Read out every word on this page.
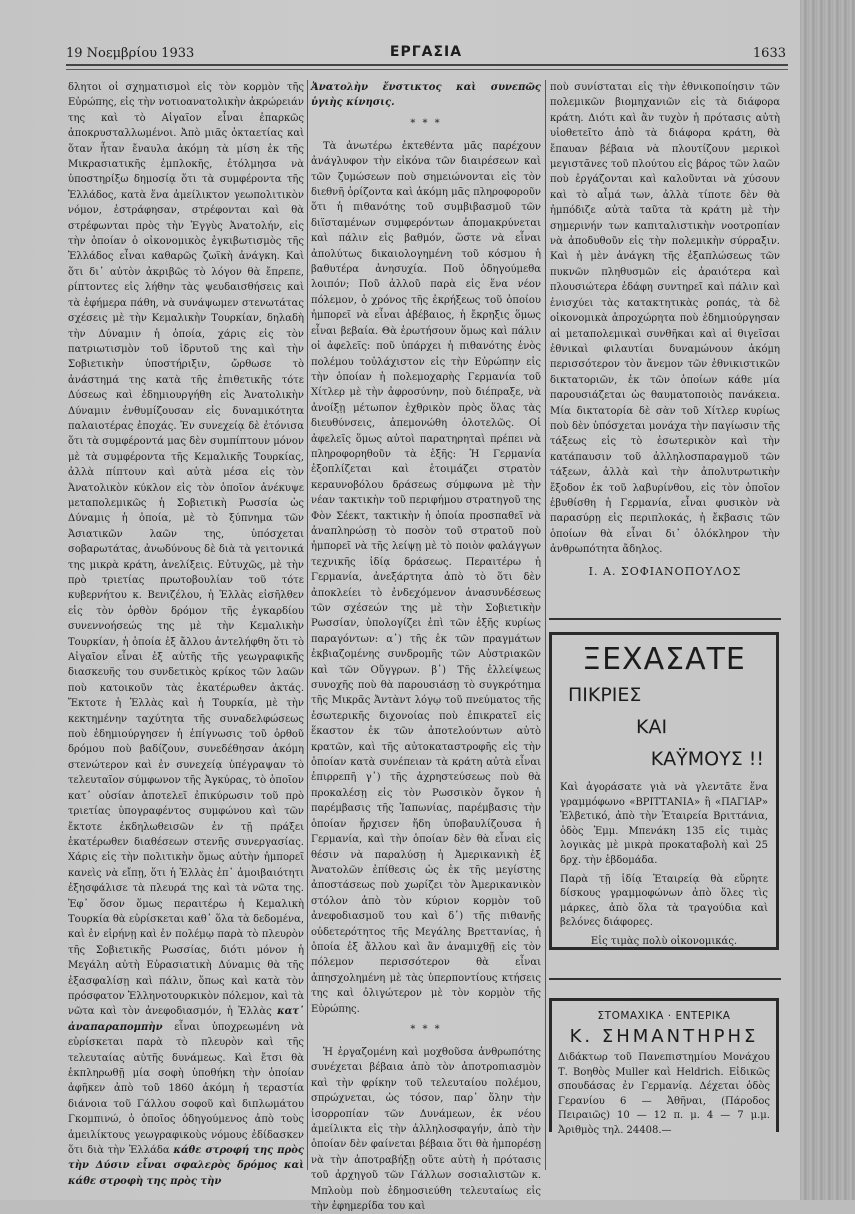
19 Νοεμβρίου 1933	ΕΡΓΑΣΙΑ	1633

δλητοι οἱ σχηματισμοὶ εἰς τὸν κορμὸν τῆς Εὐρώπης, εἰς τὴν νοτιοανατολικὴν ἀκρώρειάν της καὶ τὸ Αἰγαῖον εἶναι ἐπαρκῶς ἀποκρυσταλλωμένοι. Ἀπὸ μιᾶς ὀκταετίας καὶ ὅταν ἦταν ἔναυλα ἀκόμη τὰ μίση ἐκ τῆς Μικρασιατικῆς ἐμπλοκῆς, ἐτόλμησα νὰ ὑποστηρίξω δημοσίᾳ ὅτι τὰ συμφέροντα τῆς Ἑλλάδος, κατὰ ἕνα ἀμείλικτον γεωπολιτικὸν νόμον, ἐστράφησαν, στρέφονται καὶ θὰ στρέφωνται πρὸς τὴν Ἐγγὺς Ἀνατολήν, εἰς τὴν ὁποίαν ὁ οἰκονομικὸς ἐγκιβωτισμὸς τῆς Ἑλλάδος εἶναι καθαρῶς ζωϊκὴ ἀνάγκη. Καὶ ὅτι δι᾽ αὐτὸν ἀκριβῶς τὸ λόγον θὰ ἔπρεπε, ρίπτοντες εἰς λήθην τὰς ψευδαισθήσεις καὶ τὰ ἐφήμερα πάθη, νὰ συνάψωμεν στενωτάτας σχέσεις μὲ τὴν Κεμαλικὴν Τουρκίαν, δηλαδὴ τὴν Δύναμιν ἡ ὁποία, χάρις εἰς τὸν πατριωτισμὸν τοῦ ἱδρυτοῦ της καὶ τὴν Σοβιετικὴν ὑποστήριξιν, ὤρθωσε τὸ ἀνάστημά της κατὰ τῆς ἐπιθετικῆς τότε Δύσεως καὶ ἐδημιουργήθη εἰς Ἀνατολικὴν Δύναμιν ἐνθυμίζουσαν εἰς δυναμικότητα παλαιοτέρας ἐποχάς. Ἐν συνεχείᾳ δὲ ἐτόνισα ὅτι τὰ συμφέροντά μας δὲν συμπίπτουν μόνον μὲ τὰ συμφέροντα τῆς Κεμαλικῆς Τουρκίας, ἀλλὰ πίπτουν καὶ αὐτὰ μέσα εἰς τὸν Ἀνατολικὸν κύκλον εἰς τὸν ὁποῖον ἀνέκυψε μεταπολεμικῶς ἡ Σοβιετικὴ Ρωσσία ὡς Δύναμις ἡ ὁποία, μὲ τὸ ξύπνημα τῶν Ἀσιατικῶν λαῶν της, ὑπόσχεται σοβαρωτάτας, ἀνωδύνους δὲ διὰ τὰ γειτονικά της μικρὰ κράτη, ἀνελίξεις. Εὐτυχῶς, μὲ τὴν πρὸ τριετίας πρωτοβουλίαν τοῦ τότε κυβερνήτου κ. Βενιζέλου, ἡ Ἑλλὰς εἰσῆλθεν εἰς τὸν ὀρθὸν δρόμον τῆς ἐγκαρδίου συνεννοήσεώς της μὲ τὴν Κεμαλικὴν Τουρκίαν, ἡ ὁποία ἐξ ἄλλου ἀντελήφθη ὅτι τὸ Αἰγαῖον εἶναι ἐξ αὐτῆς τῆς γεωγραφικῆς διασκευῆς του συνδετικὸς κρίκος τῶν λαῶν ποὺ κατοικοῦν τὰς ἑκατέρωθεν ἀκτάς. Ἔκτοτε ἡ Ἑλλὰς καὶ ἡ Τουρκία, μὲ τὴν κεκτημένην ταχύτητα τῆς συναδελφώσεως ποὺ ἐδημιούργησεν ἡ ἐπίγνωσις τοῦ ὀρθοῦ δρόμου ποὺ βαδίζουν, συνεδέθησαν ἀκόμη στενώτερον καὶ ἐν συνεχείᾳ ὑπέγραψαν τὸ τελευταῖον σύμφωνον τῆς Ἀγκύρας, τὸ ὁποῖον κατ᾽ οὐσίαν ἀποτελεῖ ἐπικύρωσιν τοῦ πρὸ τριετίας ὑπογραφέντος συμφώνου καὶ τῶν ἔκτοτε ἐκδηλωθεισῶν ἐν τῇ πράξει ἑκατέρωθεν διαθέσεων στενῆς συνεργασίας. Χάρις εἰς τὴν πολιτικὴν ὅμως αὐτὴν ἠμπορεῖ κανεὶς νὰ εἴπῃ, ὅτι ἡ Ἑλλὰς ἐπ᾽ ἀμοιβαιότητι ἐξησφάλισε τὰ πλευρά της καὶ τὰ νῶτα της. Ἐφ᾽ ὅσον ὅμως περαιτέρω ἡ Κεμαλικὴ Τουρκία θὰ εὑρίσκεται καθ᾽ ὅλα τὰ δεδομένα, καὶ ἐν εἰρήνῃ καὶ ἐν πολέμῳ παρὰ τὸ πλευρὸν τῆς Σοβιετικῆς Ρωσσίας, διότι μόνον ἡ Μεγάλη αὐτὴ Εὐρασιατικὴ Δύναμις θὰ τῆς ἐξασφαλίσῃ καὶ πάλιν, ὅπως καὶ κατὰ τὸν πρόσφατον Ἑλληνοτουρκικὸν πόλεμον, καὶ τὰ νῶτα καὶ τὸν ἀνεφοδιασμόν, ἡ Ἑλλὰς κατ᾽ ἀναπαραπομπὴν εἶναι ὑποχρεωμένη νὰ εὑρίσκεται παρὰ τὸ πλευρὸν καὶ τῆς τελευταίας αὐτῆς δυνάμεως. Καὶ ἔτσι θὰ ἐκπληρωθῇ μία σοφὴ ὑποθήκη τὴν ὁποίαν ἀφῆκεν ἀπὸ τοῦ 1860 ἀκόμη ἡ τεραστία διάνοια τοῦ Γάλλου σοφοῦ καὶ διπλωμάτου Γκομπινώ, ὁ ὁποῖος ὁδηγούμενος ἀπὸ τοὺς ἀμειλίκτους γεωγραφικοὺς νόμους ἐδίδασκεν ὅτι διὰ τὴν Ἑλλάδα κάθε στροφή της πρὸς τὴν Δύσιν εἶναι σφαλερὸς δρόμος καὶ κάθε στροφὴ της πρὸς τὴν

Ἀνατολὴν ἔνστικτος καὶ συνεπῶς ὑγιὴς κίνησις.

* * *

Τὰ ἀνωτέρω ἐκτεθέντα μᾶς παρέχουν ἀνάγλυφον τὴν εἰκόνα τῶν διαιρέσεων καὶ τῶν ζυμώσεων ποὺ σημειώνονται εἰς τὸν διεθνῆ ὁρίζοντα καὶ ἀκόμη μᾶς πληροφοροῦν ὅτι ἡ πιθανότης τοῦ συμβιβασμοῦ τῶν διϊσταμένων συμφερόντων ἀπομακρύνεται καὶ πάλιν εἰς βαθμόν, ὥστε νὰ εἶναι ἀπολύτως δικαιολογημένη τοῦ κόσμου ἡ βαθυτέρα ἀνησυχία. Ποῦ ὁδηγούμεθα λοιπόν; Ποῦ ἀλλοῦ παρὰ εἰς ἕνα νέον πόλεμον, ὁ χρόνος τῆς ἐκρήξεως τοῦ ὁποίου ἠμπορεῖ νὰ εἶναι ἀβέβαιος, ἡ ἔκρηξις ὅμως εἶναι βεβαία. Θὰ ἐρωτήσουν ὅμως καὶ πάλιν οἱ ἀφελεῖς: ποῦ ὑπάρχει ἡ πιθανότης ἑνὸς πολέμου τοὐλάχιστον εἰς τὴν Εὐρώπην εἰς τὴν ὁποίαν ἡ πολεμοχαρὴς Γερμανία τοῦ Χίτλερ μὲ τὴν ἀφροσύνην, ποὺ διέπραξε, νὰ ἀνοίξῃ μέτωπον ἐχθρικὸν πρὸς ὅλας τὰς διευθύνσεις, ἀπεμονώθη ὁλοτελῶς. Οἱ ἀφελεῖς ὅμως αὐτοὶ παρατηρηταὶ πρέπει νὰ πληροφορηθοῦν τὰ ἑξῆς: Ἡ Γερμανία ἐξοπλίζεται καὶ ἑτοιμάζει στρατὸν κεραυνοβόλου δράσεως σύμφωνα μὲ τὴν νέαν τακτικὴν τοῦ περιφήμου στρατηγοῦ της Φὸν Σέεκτ, τακτικὴν ἡ ὁποία προσπαθεῖ νὰ ἀναπληρώσῃ τὸ ποσὸν τοῦ στρατοῦ ποὺ ἠμπορεῖ νὰ τῆς λείψῃ μὲ τὸ ποιὸν φαλάγγων τεχνικῆς ἰδίᾳ δράσεως. Περαιτέρω ἡ Γερμανία, ἀνεξάρτητα ἀπὸ τὸ ὅτι δὲν ἀποκλείει τὸ ἐνδεχόμενον ἀνασυνδέσεως τῶν σχέσεών της μὲ τὴν Σοβιετικὴν Ρωσσίαν, ὑπολογίζει ἐπὶ τῶν ἑξῆς κυρίως παραγόντων: α᾽) τῆς ἐκ τῶν πραγμάτων ἐκβιαζομένης συνδρομῆς τῶν Αὐστριακῶν καὶ τῶν Οὔγγρων. β᾽) Τῆς ἐλλείψεως συνοχῆς ποὺ θὰ παρουσιάσῃ τὸ συγκρότημα τῆς Μικρᾶς Ἀντὰντ λόγῳ τοῦ πνεύματος τῆς ἐσωτερικῆς διχονοίας ποὺ ἐπικρατεῖ εἰς ἕκαστον ἐκ τῶν ἀποτελούντων αὐτὸ κρατῶν, καὶ τῆς αὐτοκαταστροφῆς εἰς τὴν ὁποίαν κατὰ συνέπειαν τὰ κράτη αὐτὰ εἶναι ἐπιρρεπῆ γ᾽) τῆς ἀχρηστεύσεως ποὺ θὰ προκαλέσῃ εἰς τὸν Ρωσσικὸν ὄγκον ἡ παρέμβασις τῆς Ἰαπωνίας, παρέμβασις τὴν ὁποίαν ἤρχισεν ἤδη ὑποβαυλίζουσα ἡ Γερμανία, καὶ τὴν ὁποίαν δὲν θὰ εἶναι εἰς θέσιν νὰ παραλύσῃ ἡ Ἀμερικανικὴ ἐξ Ἀνατολῶν ἐπίθεσις ὡς ἐκ τῆς μεγίστης ἀποστάσεως ποὺ χωρίζει τὸν Ἀμερικανικὸν στόλον ἀπὸ τὸν κύριον κορμὸν τοῦ ἀνεφοδιασμοῦ του καὶ δ᾽) τῆς πιθανῆς οὐδετερότητος τῆς Μεγάλης Βρεττανίας, ἡ ὁποία ἐξ ἄλλου καὶ ἂν ἀναμιχθῇ εἰς τὸν πόλεμον περισσότερον θὰ εἶναι ἀπησχολημένη μὲ τὰς ὑπερποντίους κτήσεις της καὶ ὀλιγώτερον μὲ τὸν κορμὸν τῆς Εὐρώπης.

* * *

Ἡ ἐργαζομένη καὶ μοχθοῦσα ἀνθρωπότης συνέχεται βέβαια ἀπὸ τὸν ἀποτροπιασμὸν καὶ τὴν φρίκην τοῦ τελευταίου πολέμου, σπρώχνεται, ὡς τόσον, παρ᾽ ὅλην τὴν ἰσορροπίαν τῶν Δυνάμεων, ἐκ νέου ἀμείλικτα εἰς τὴν ἀλληλοσφαγήν, ἀπὸ τὴν ὁποίαν δὲν φαίνεται βέβαια ὅτι θὰ ἠμπορέσῃ νὰ τὴν ἀποτραβήξῃ οὔτε αὐτὴ ἡ πρότασις τοῦ ἀρχηγοῦ τῶν Γάλλων σοσιαλιστῶν κ. Μπλοὺμ ποὺ ἐδημοσιεύθη τελευταίως εἰς τὴν ἐφημερίδα του καὶ

ποὺ συνίσταται εἰς τὴν ἐθνικοποίησιν τῶν πολεμικῶν βιομηχανιῶν εἰς τὰ διάφορα κράτη. Διότι καὶ ἂν τυχὸν ἡ πρότασις αὐτὴ υἱοθετεῖτο ἀπὸ τὰ διάφορα κράτη, θὰ ἔπαυαν βέβαια νὰ πλουτίζουν μερικοὶ μεγιστᾶνες τοῦ πλούτου εἰς βάρος τῶν λαῶν ποὺ ἐργάζονται καὶ καλοῦνται νὰ χύσουν καὶ τὸ αἷμά των, ἀλλὰ τίποτε δὲν θὰ ἠμπόδιζε αὐτὰ ταῦτα τὰ κράτη μὲ τὴν σημερινήν των καπιταλιστικὴν νοοτροπίαν νὰ ἀποδυθοῦν εἰς τὴν πολεμικὴν σύρραξιν. Καὶ ἡ μὲν ἀνάγκη τῆς ἐξαπλώσεως τῶν πυκνῶν πληθυσμῶν εἰς ἀραιότερα καὶ πλουσιώτερα ἐδάφη συντηρεῖ καὶ πάλιν καὶ ἐνισχύει τὰς κατακτητικὰς ροπάς, τὰ δὲ οἰκονομικὰ ἀπροχώρητα ποὺ ἐδημιούργησαν αἱ μεταπολεμικαὶ συνθῆκαι καὶ αἱ θιγεῖσαι ἐθνικαὶ φιλαυτίαι δυναμώνουν ἀκόμη περισσότερον τὸν ἄνεμον τῶν ἐθνικιστικῶν δικτατοριῶν, ἐκ τῶν ὁποίων κάθε μία παρουσιάζεται ὡς θαυματοποιὸς πανάκεια. Μία δικτατορία δὲ σὰν τοῦ Χίτλερ κυρίως ποὺ δὲν ὑπόσχεται μονάχα τὴν παγίωσιν τῆς τάξεως εἰς τὸ ἐσωτερικὸν καὶ τὴν κατάπαυσιν τοῦ ἀλληλοσπαραγμοῦ τῶν τάξεων, ἀλλὰ καὶ τὴν ἀπολυτρωτικὴν ἔξοδον ἐκ τοῦ λαβυρίνθου, εἰς τὸν ὁποῖον ἐβυθίσθη ἡ Γερμανία, εἶναι φυσικὸν νὰ παρασύρῃ εἰς περιπλοκάς, ἡ ἔκβασις τῶν ὁποίων θὰ εἶναι δι᾽ ὁλόκληρον τὴν ἀνθρωπότητα ἄδηλος.

Ι. Α. ΣΟΦΙΑΝΟΠΟΥΛΟΣ

ΞΕΧΑΣΑΤΕ
ΠΙΚΡΙΕΣ
ΚΑΙ
ΚΑΫΜΟΥΣ !!

Καὶ ἀγοράσατε γιὰ νὰ γλεντᾶτε ἕνα γραμμόφωνο «ΒΡΙΤΤΑΝΙΑ» ἢ «ΠΑΓΙΑΡ» Ἑλβετικό, ἀπὸ τὴν Ἑταιρεία Βριττάνια, ὁδὸς Ἐμμ. Μπενάκη 135 εἰς τιμὰς λογικὰς μὲ μικρὰ προκαταβολὴ καὶ 25 δρχ. τὴν ἑβδομάδα.

Παρὰ τῇ ἰδίᾳ Ἑταιρείᾳ θὰ εὕρητε δίσκους γραμμοφώνων ἀπὸ ὅλες τὶς μάρκες, ἀπὸ ὅλα τὰ τραγούδια καὶ βελόνες διάφορες.

Εἰς τιμὰς πολὺ οἰκονομικάς.

ΣΤΟΜΑΧΙΚΑ · ΕΝΤΕΡΙΚΑ
Κ. ΣΗΜΑΝΤΗΡΗΣ
Διδάκτωρ τοῦ Πανεπιστημίου Μονάχου Τ. Βοηθὸς Muller καὶ Heldrich. Εἰδικῶς σπουδάσας ἐν Γερμανίᾳ. Δέχεται ὁδὸς Γερανίου 6 — Ἀθῆναι, (Πάροδος Πειραιῶς) 10 — 12 π. μ. 4 — 7 μ.μ. Ἀριθμὸς τηλ. 24408.—
